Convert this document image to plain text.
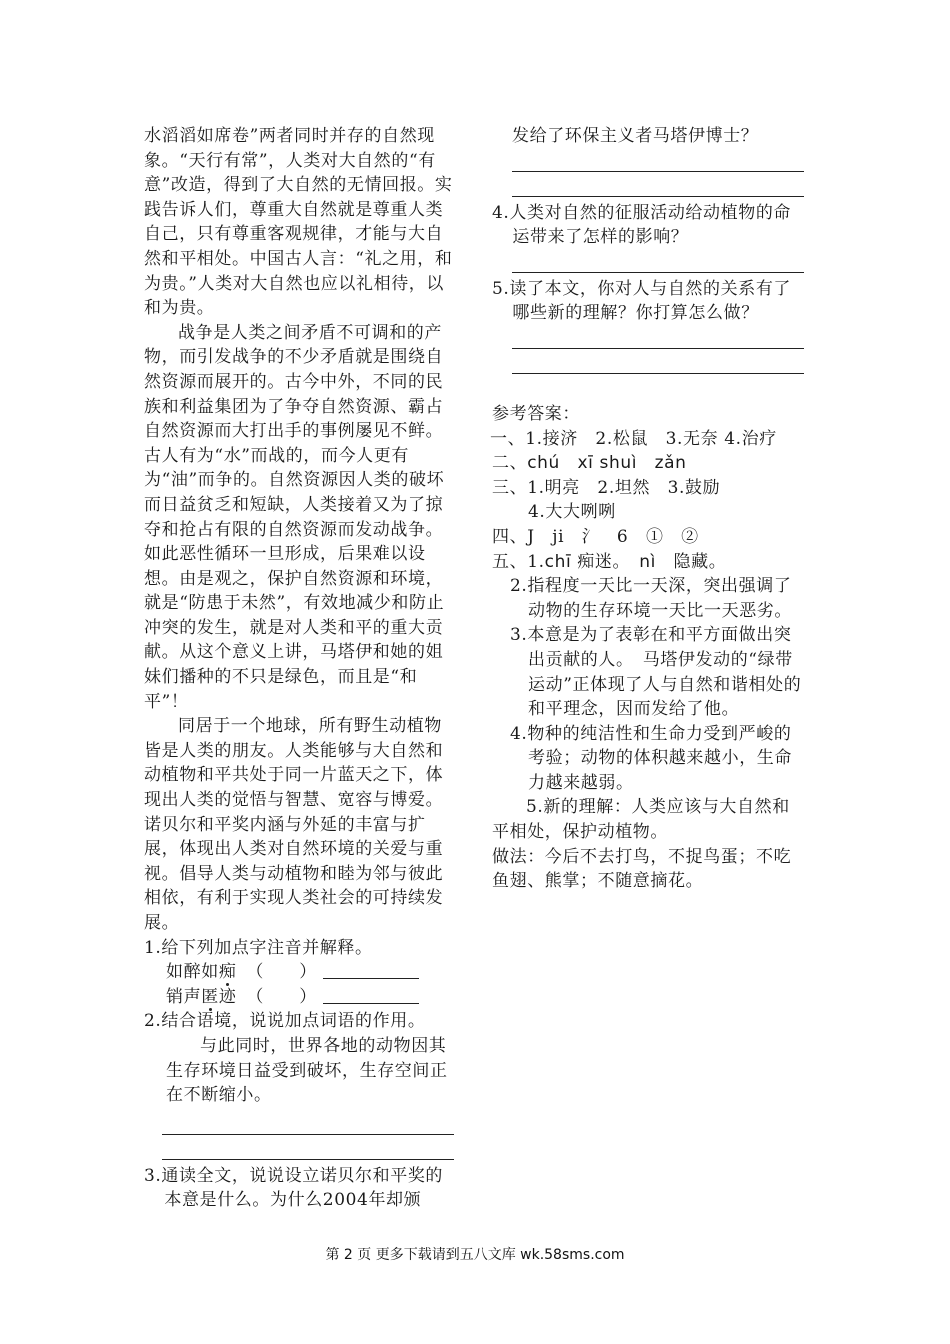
水滔滔如席卷”两者同时并存的自然现象。“天行有常”，人类对大自然的“有意”改造，得到了大自然的无情回报。实践告诉人们，尊重大自然就是尊重人类自己，只有尊重客观规律，才能与大自然和平相处。中国古人言：“礼之用，和为贵。”人类对大自然也应以礼相待，以和为贵。

战争是人类之间矛盾不可调和的产物，而引发战争的不少矛盾就是围绕自然资源而展开的。古今中外，不同的民族和利益集团为了争夺自然资源、霸占自然资源而大打出手的事例屡见不鲜。古人有为“水”而战的，而今人更有为“油”而争的。自然资源因人类的破坏而日益贫乏和短缺，人类接着又为了掠夺和抢占有限的自然资源而发动战争。如此恶性循环一旦形成，后果难以设想。由是观之，保护自然资源和环境，就是“防患于未然”，有效地减少和防止冲突的发生，就是对人类和平的重大贡献。从这个意义上讲，马塔伊和她的姐妹们播种的不只是绿色，而且是“和平”！

同居于一个地球，所有野生动植物皆是人类的朋友。人类能够与大自然和动植物和平共处于同一片蓝天之下，体现出人类的觉悟与智慧、宽容与博爱。诺贝尔和平奖内涵与外延的丰富与扩展，体现出人类对自然环境的关爱与重视。倡导人类与动植物和睦为邻与彼此相依，有利于实现人类社会的可持续发展。

1.给下列加点字注音并解释。

如醉如痴 （　　）

销声匿迹 （　　）

2.结合语境，说说加点词语的作用。

与此同时，世界各地的动物因其生存环境日益受到破坏，生存空间正在不断缩小。

3.通读全文，说说设立诺贝尔和平奖的本意是什么。为什么2004年却颁

发给了环保主义者马塔伊博士？

4.人类对自然的征服活动给动植物的命运带来了怎样的影响？

5.读了本文，你对人与自然的关系有了哪些新的理解？你打算怎么做？

参考答案：

一、1.接济　2.松鼠　3.无奈 4.治疗

二、chú　xī shuì　zǎn

三、1.明亮　2.坦然　3.鼓励

4.大大咧咧

四、J　ji　氵　6　①　②

五、1.chī 痴迷。　 nì　 隐藏。

2.指程度一天比一天深，突出强调了动物的生存环境一天比一天恶劣。

3.本意是为了表彰在和平方面做出突出贡献的人。　马塔伊发动的“绿带运动”正体现了人与自然和谐相处的和平理念，因而发给了他。

4.物种的纯洁性和生命力受到严峻的考验；动物的体积越来越小，生命力越来越弱。

5.新的理解：人类应该与大自然和平相处，保护动植物。

做法：今后不去打鸟，不捉鸟蛋；不吃鱼翅、熊掌；不随意摘花。

第 2 页 更多下载请到五八文库 wk.58sms.com
